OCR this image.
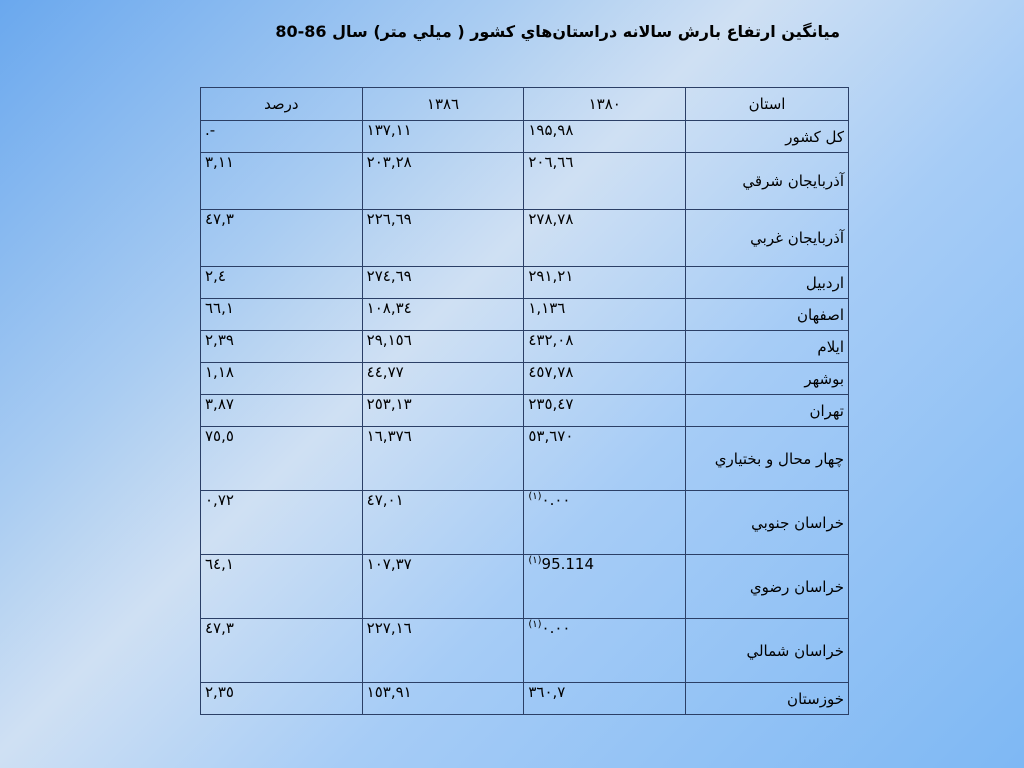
ميانگين ارتفاع بارش سالانه دراستان‌هاي كشور ( ميلي متر) سال 86-80
استان	۱۳۸۰	۱۳۸٦	درصد
كل كشور	۱۹۵,۹۸	۱۳۷,۱۱	-.
آذربايجان شرقي	۲۰٦,٦٦	۲۰۳,۲۸	۳,۱۱
آذربايجان غربي	۲۷۸,۷۸	۲۲٦,٦۹	۳,٤۷
اردبيل	۲۹۱,۲۱	۲۷٤,٦۹	٤,۲
اصفهان	۱۳٦,۱	۱۰۸,۳٤	۱,٦٦
ايلام	٤۳۲,۰۸	۱٥٦,۲۹	۲,۳۹
بوشهر	٤٥۷,۷۸	۷۷,٤٤	۱,۱۸
تهران	۲۳٥,٤۷	۲٥۳,۱۳	۳,۸۷
چهار محال و بختياري	٦۷۰,٥۳	۳۷٦,۱٦	٥,۷٥
خراسان جنوبي	۰.۰۰$^{(۱)}$	٤۷,۰۱	۰,۷۲
خراسان رضوي	95.114$^{(۱)}$	۱۰۷,۳۷	۱,٦٤
خراسان شمالي	۰.۰۰$^{(۱)}$	۲۲۷,۱٦	۳,٤۷
خوزستان	۳٦۰,۷	۱٥۳,۹۱	۲,۳٥
